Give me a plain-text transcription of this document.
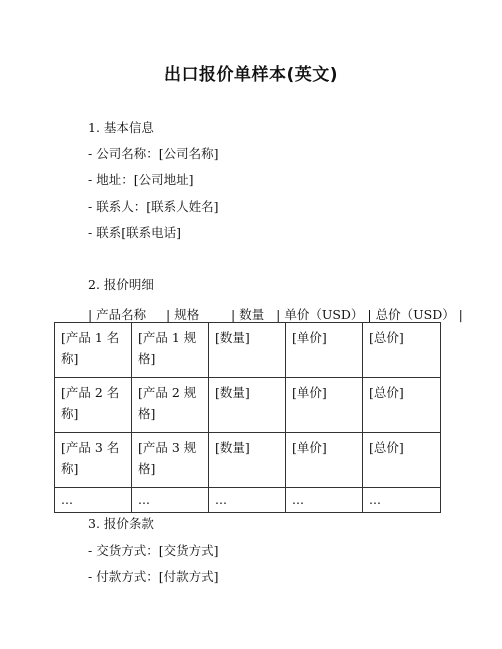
出口报价单样本(英文)
1. 基本信息
- 公司名称：[公司名称]
- 地址：[公司地址]
- 联系人：[联系人姓名]
- 联系[联系电话]
2. 报价明细
| 产品名称     | 规格        | 数量   | 单价（USD） | 总价（USD） |
[产品 1 名称]	[产品 1 规格]	[数量]	[单价]	[总价]
[产品 2 名称]	[产品 2 规格]	[数量]	[单价]	[总价]
[产品 3 名称]	[产品 3 规格]	[数量]	[单价]	[总价]
...	...	...	...	...
3. 报价条款
- 交货方式：[交货方式]
- 付款方式：[付款方式]
